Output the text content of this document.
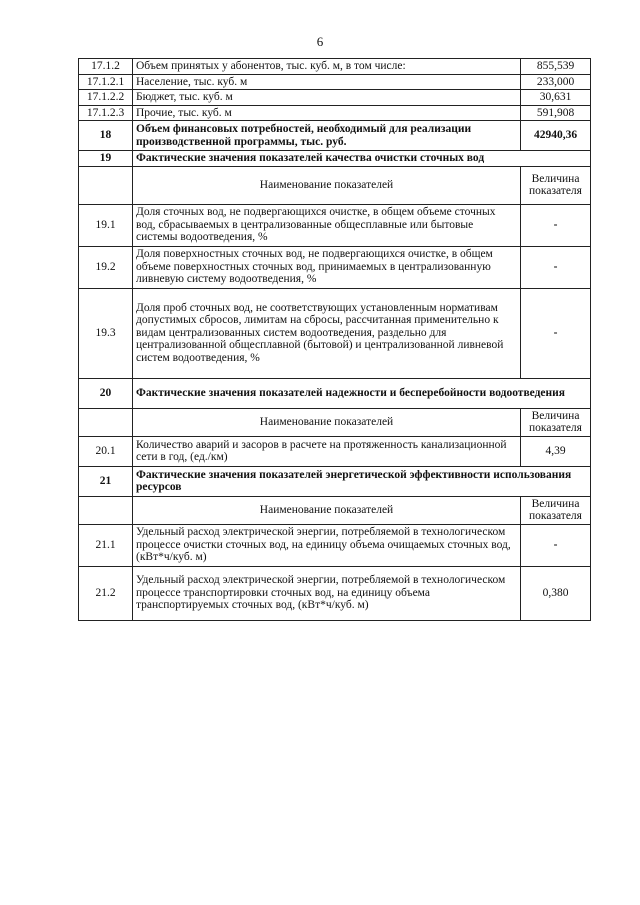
6
17.1.2	Объем принятых у абонентов, тыс. куб. м, в том числе:	855,539
17.1.2.1	Население, тыс. куб. м	233,000
17.1.2.2	Бюджет, тыс. куб. м	30,631
17.1.2.3	Прочие, тыс. куб. м	591,908
18	Объем финансовых потребностей, необходимый для реализации производственной программы, тыс. руб.	42940,36
19	Фактические значения показателей качества очистки сточных вод	
	Наименование показателей	Величина показателя
19.1	Доля сточных вод, не подвергающихся очистке, в общем объеме сточных вод, сбрасываемых в централизованные общесплавные или бытовые системы водоотведения, %	-
19.2	Доля поверхностных сточных вод, не подвергающихся очистке, в общем объеме поверхностных сточных вод, принимаемых в централизованную ливневую систему водоотведения, %	-
19.3	Доля проб сточных вод, не соответствующих установленным нормативам допустимых сбросов, лимитам на сбросы, рассчитанная применительно к видам централизованных систем водоотведения, раздельно для централизованной общесплавной (бытовой) и централизованной ливневой систем водоотведения, %	-
20	Фактические значения показателей надежности и бесперебойности водоотведения	
	Наименование показателей	Величина показателя
20.1	Количество аварий и засоров в расчете на протяженность канализационной сети в год, (ед./км)	4,39
21	Фактические значения показателей энергетической эффективности использования ресурсов	
	Наименование показателей	Величина показателя
21.1	Удельный расход электрической энергии, потребляемой в технологическом процессе очистки сточных вод, на единицу объема очищаемых сточных вод, (кВт*ч/куб. м)	-
21.2	Удельный расход электрической энергии, потребляемой в технологическом процессе транспортировки сточных вод, на единицу объема транспортируемых сточных вод, (кВт*ч/куб. м)	0,380
